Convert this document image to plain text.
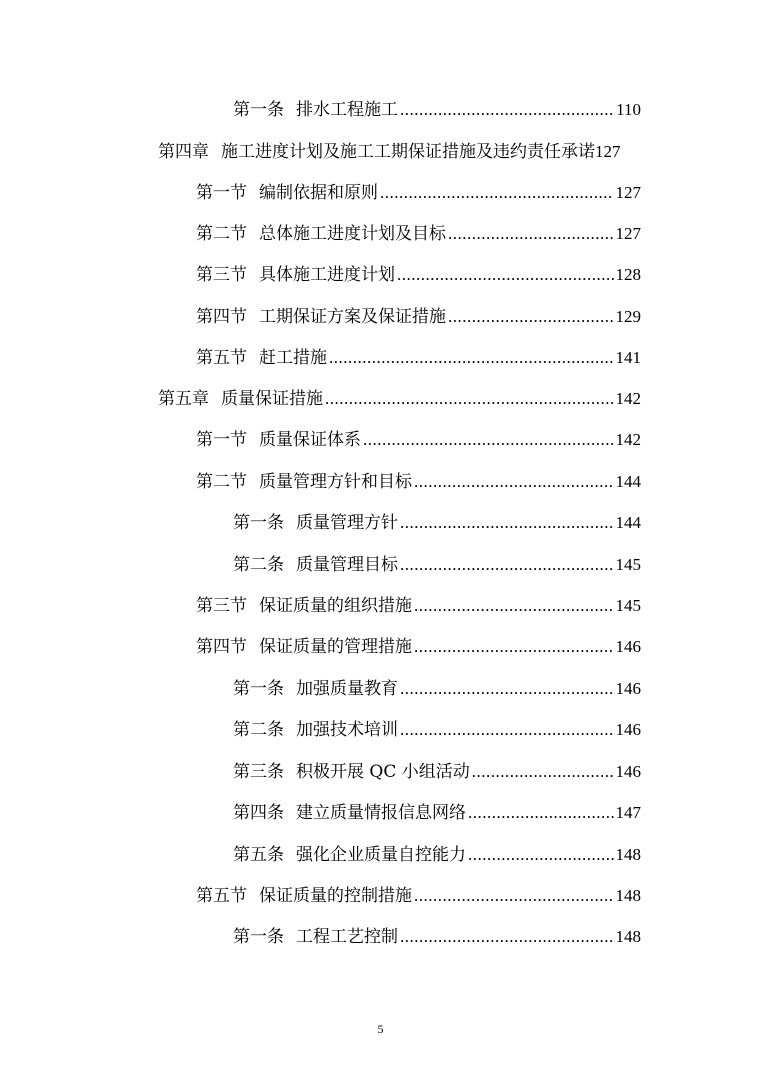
第一条 排水工程施工 .....	110
第四章 施工进度计划及施工工期保证措施及违约责任承诺 127
第一节 编制依据和原则 .....	127
第二节 总体施工进度计划及目标 .....	127
第三节 具体施工进度计划 .....	128
第四节 工期保证方案及保证措施 .....	129
第五节 赶工措施 .....	141
第五章 质量保证措施 .....	142
第一节 质量保证体系 .....	142
第二节 质量管理方针和目标 .....	144
第一条 质量管理方针 .....	144
第二条 质量管理目标 .....	145
第三节 保证质量的组织措施 .....	145
第四节 保证质量的管理措施 .....	146
第一条 加强质量教育 .....	146
第二条 加强技术培训 .....	146
第三条 积极开展 QC 小组活动 .....	146
第四条 建立质量情报信息网络 .....	147
第五条 强化企业质量自控能力 .....	148
第五节 保证质量的控制措施 .....	148
第一条 工程工艺控制 .....	148
5
